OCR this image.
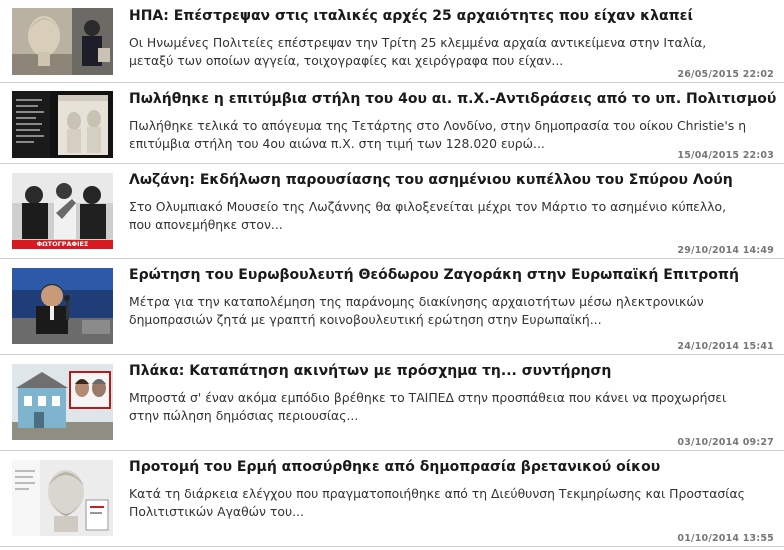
ΗΠΑ: Επέστρεψαν στις ιταλικές αρχές 25 αρχαιότητες που είχαν κλαπεί
Οι Ηνωμένες Πολιτείες επέστρεψαν την Τρίτη 25 κλεμμένα αρχαία αντικείμενα στην Ιταλία, μεταξύ των οποίων αγγεία, τοιχογραφίες και χειρόγραφα που είχαν...
26/05/2015 22:02
Πωλήθηκε η επιτύμβια στήλη του 4ου αι. π.Χ.-Αντιδράσεις από το υπ. Πολιτισμού
Πωλήθηκε τελικά το απόγευμα της Τετάρτης στο Λονδίνο, στην δημοπρασία του οίκου Christie's η επιτύμβια στήλη του 4ου αιώνα π.Χ. στη τιμή των 128.020 ευρώ...
15/04/2015 22:03
ΦΩΤΟΓΡΑΦΙΕΣ
Λωζάνη: Εκδήλωση παρουσίασης του ασημένιου κυπέλλου του Σπύρου Λούη
Στο Ολυμπιακό Μουσείο της Λωζάννης θα φιλοξενείται μέχρι τον Μάρτιο το ασημένιο κύπελλο, που απονεμήθηκε στον...
29/10/2014 14:49
Ερώτηση του Ευρωβουλευτή Θεόδωρου Ζαγοράκη στην Ευρωπαϊκή Επιτροπή
Μέτρα για την καταπολέμηση της παράνομης διακίνησης αρχαιοτήτων μέσω ηλεκτρονικών δημοπρασιών ζητά με γραπτή κοινοβουλευτική ερώτηση στην Ευρωπαϊκή...
24/10/2014 15:41
Πλάκα: Καταπάτηση ακινήτων με πρόσχημα τη... συντήρηση
Μπροστά σ' έναν ακόμα εμπόδιο βρέθηκε το ΤΑΙΠΕΔ στην προσπάθεια που κάνει να προχωρήσει στην πώληση δημόσιας περιουσίας...
03/10/2014 09:27
Προτομή του Ερμή αποσύρθηκε από δημοπρασία βρετανικού οίκου
Κατά τη διάρκεια ελέγχου που πραγματοποιήθηκε από τη Διεύθυνση Τεκμηρίωσης και Προστασίας Πολιτιστικών Αγαθών του...
01/10/2014 13:55
